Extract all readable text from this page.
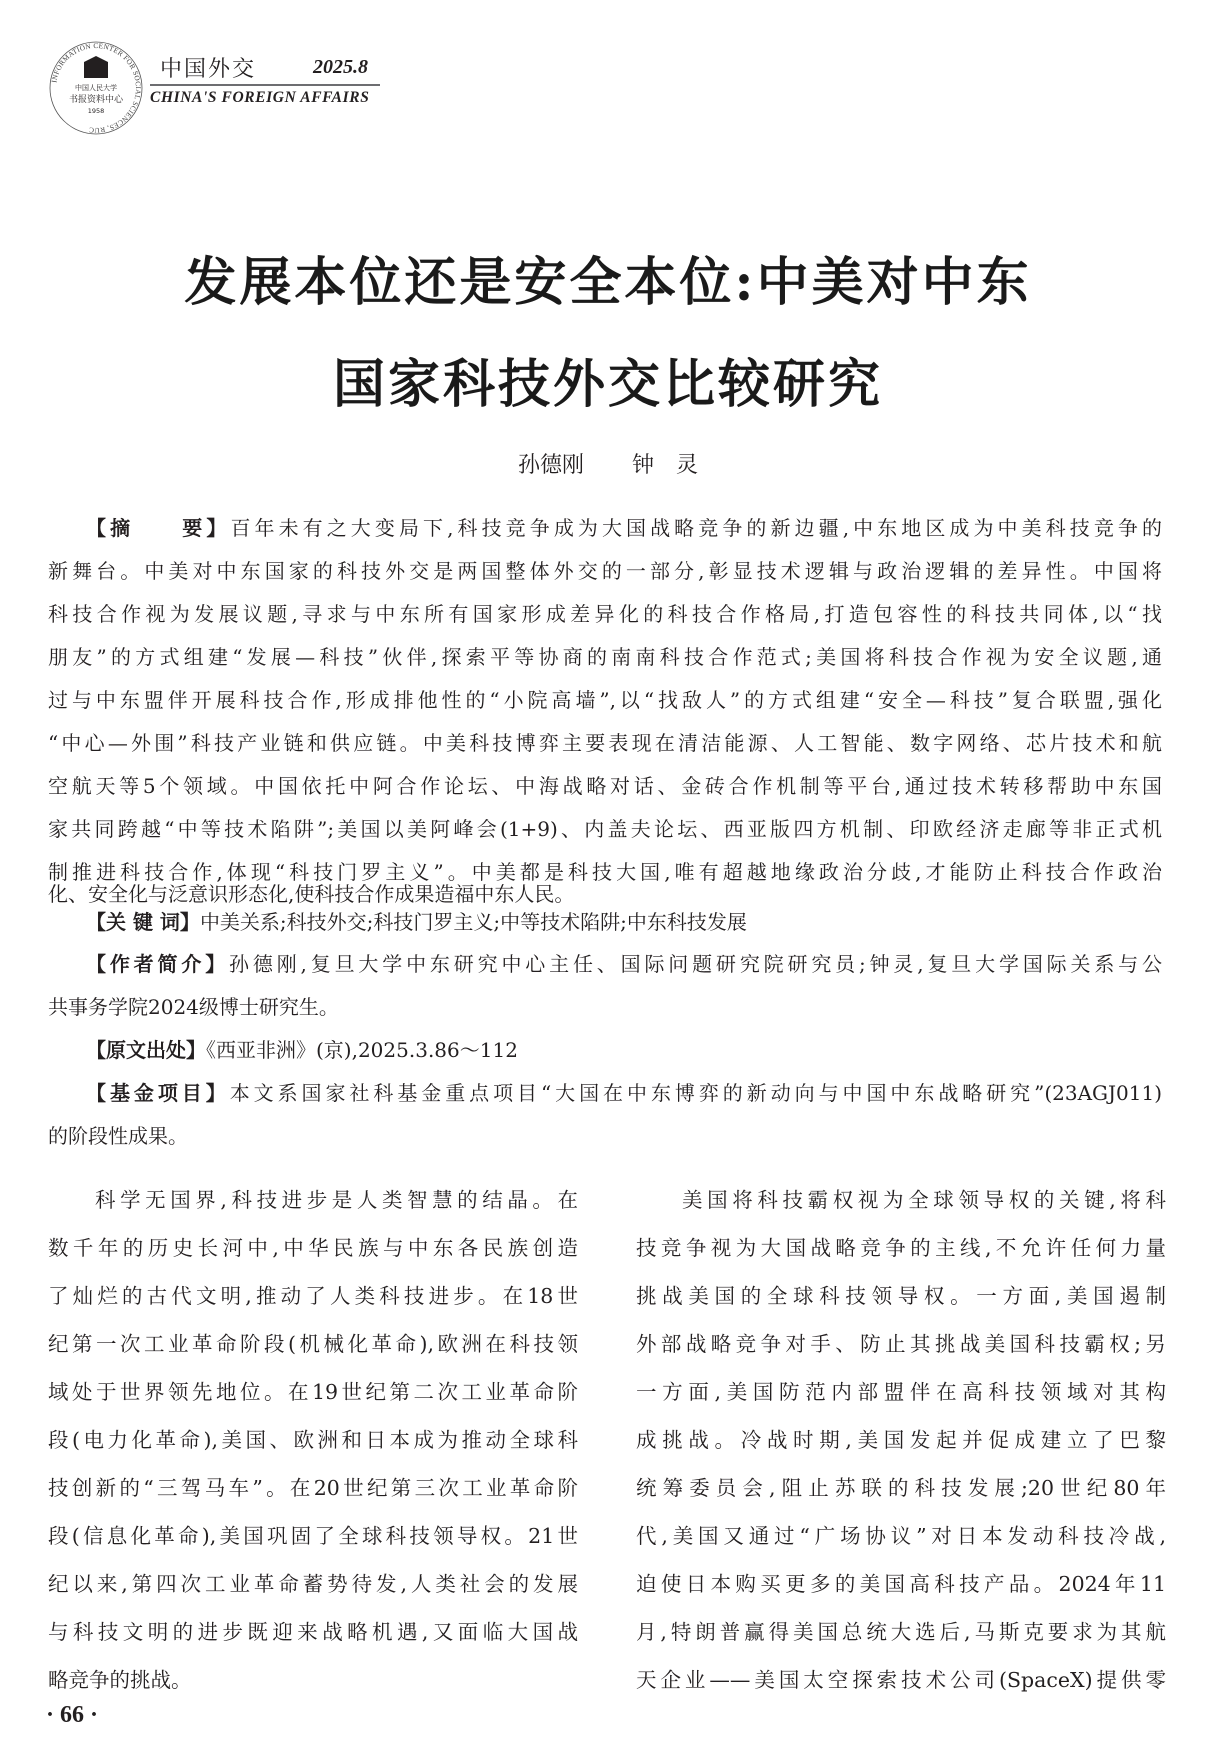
INFORMATION CENTER FOR SOCIAL SCIENCES, RUC
中国人民大学
书报资料中心
1958
中国外交	2025.8
CHINA'S FOREIGN AFFAIRS
发展本位还是安全本位:中美对中东
国家科技外交比较研究
孙德刚 钟　灵
【摘　　要】百年未有之大变局下,科技竞争成为大国战略竞争的新边疆,中东地区成为中美科技竞争的
新舞台。中美对中东国家的科技外交是两国整体外交的一部分,彰显技术逻辑与政治逻辑的差异性。中国将
科技合作视为发展议题,寻求与中东所有国家形成差异化的科技合作格局,打造包容性的科技共同体,以“找
朋友”的方式组建“发展—科技”伙伴,探索平等协商的南南科技合作范式;美国将科技合作视为安全议题,通
过与中东盟伴开展科技合作,形成排他性的“小院高墙”,以“找敌人”的方式组建“安全—科技”复合联盟,强化
“中心—外围”科技产业链和供应链。中美科技博弈主要表现在清洁能源、人工智能、数字网络、芯片技术和航
空航天等5个领域。中国依托中阿合作论坛、中海战略对话、金砖合作机制等平台,通过技术转移帮助中东国
家共同跨越“中等技术陷阱”;美国以美阿峰会(1+9)、内盖夫论坛、西亚版四方机制、印欧经济走廊等非正式机
制推进科技合作,体现“科技门罗主义”。中美都是科技大国,唯有超越地缘政治分歧,才能防止科技合作政治
化、安全化与泛意识形态化,使科技合作成果造福中东人民。
【关 键 词】中美关系;科技外交;科技门罗主义;中等技术陷阱;中东科技发展
【作者简介】孙德刚,复旦大学中东研究中心主任、国际问题研究院研究员;钟灵,复旦大学国际关系与公
共事务学院2024级博士研究生。
【原文出处】《西亚非洲》(京),2025.3.86～112
【基金项目】本文系国家社科基金重点项目“大国在中东博弈的新动向与中国中东战略研究”(23AGJ011)
的阶段性成果。
科学无国界,科技进步是人类智慧的结晶。在
数千年的历史长河中,中华民族与中东各民族创造
了灿烂的古代文明,推动了人类科技进步。在18世
纪第一次工业革命阶段(机械化革命),欧洲在科技领
域处于世界领先地位。在19世纪第二次工业革命阶
段(电力化革命),美国、欧洲和日本成为推动全球科
技创新的“三驾马车”。在20世纪第三次工业革命阶
段(信息化革命),美国巩固了全球科技领导权。21世
纪以来,第四次工业革命蓄势待发,人类社会的发展
与科技文明的进步既迎来战略机遇,又面临大国战
略竞争的挑战。
美国将科技霸权视为全球领导权的关键,将科
技竞争视为大国战略竞争的主线,不允许任何力量
挑战美国的全球科技领导权。一方面,美国遏制
外部战略竞争对手、防止其挑战美国科技霸权;另
一方面,美国防范内部盟伴在高科技领域对其构
成挑战。冷战时期,美国发起并促成建立了巴黎
统筹委员会,阻止苏联的科技发展;20世纪80年
代,美国又通过“广场协议”对日本发动科技冷战,
迫使日本购买更多的美国高科技产品。2024年11
月,特朗普赢得美国总统大选后,马斯克要求为其航
天企业——美国太空探索技术公司(SpaceX)提供零
· 66 ·
